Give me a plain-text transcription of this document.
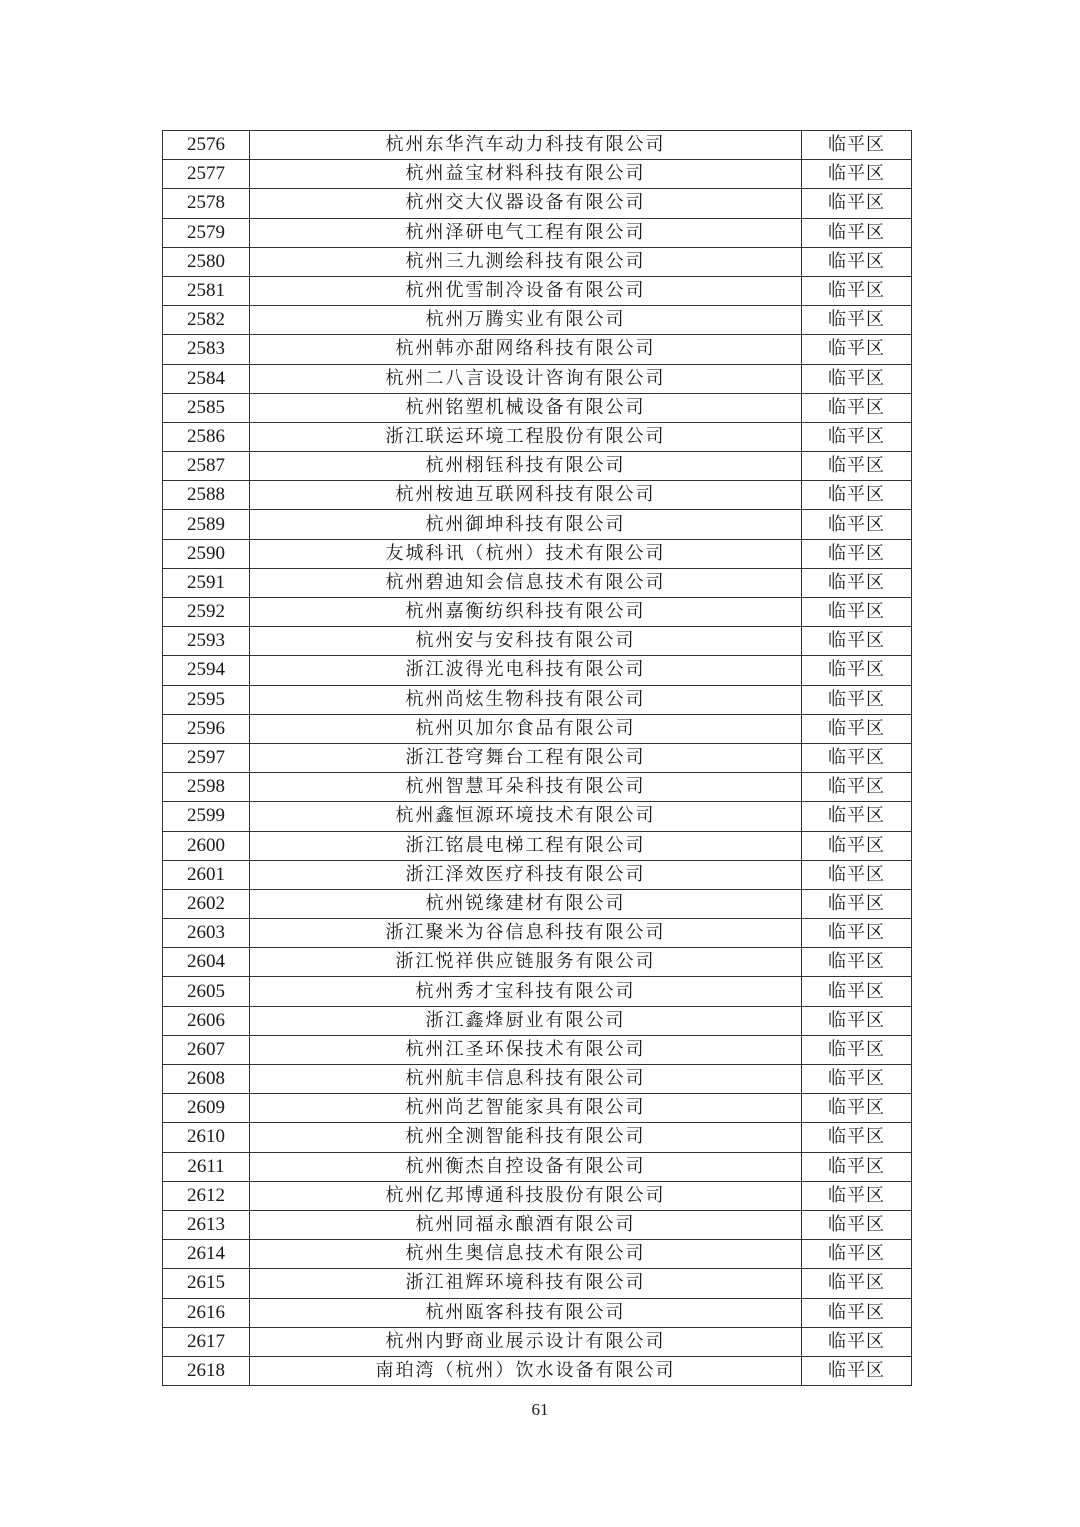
2576	杭州东华汽车动力科技有限公司	临平区
2577	杭州益宝材料科技有限公司	临平区
2578	杭州交大仪器设备有限公司	临平区
2579	杭州泽研电气工程有限公司	临平区
2580	杭州三九测绘科技有限公司	临平区
2581	杭州优雪制冷设备有限公司	临平区
2582	杭州万腾实业有限公司	临平区
2583	杭州韩亦甜网络科技有限公司	临平区
2584	杭州二八言设设计咨询有限公司	临平区
2585	杭州铭塑机械设备有限公司	临平区
2586	浙江联运环境工程股份有限公司	临平区
2587	杭州栩钰科技有限公司	临平区
2588	杭州桉迪互联网科技有限公司	临平区
2589	杭州御坤科技有限公司	临平区
2590	友城科讯（杭州）技术有限公司	临平区
2591	杭州碧迪知会信息技术有限公司	临平区
2592	杭州嘉衡纺织科技有限公司	临平区
2593	杭州安与安科技有限公司	临平区
2594	浙江波得光电科技有限公司	临平区
2595	杭州尚炫生物科技有限公司	临平区
2596	杭州贝加尔食品有限公司	临平区
2597	浙江苍穹舞台工程有限公司	临平区
2598	杭州智慧耳朵科技有限公司	临平区
2599	杭州鑫恒源环境技术有限公司	临平区
2600	浙江铭晨电梯工程有限公司	临平区
2601	浙江泽效医疗科技有限公司	临平区
2602	杭州锐缘建材有限公司	临平区
2603	浙江聚米为谷信息科技有限公司	临平区
2604	浙江悦祥供应链服务有限公司	临平区
2605	杭州秀才宝科技有限公司	临平区
2606	浙江鑫烽厨业有限公司	临平区
2607	杭州江圣环保技术有限公司	临平区
2608	杭州航丰信息科技有限公司	临平区
2609	杭州尚艺智能家具有限公司	临平区
2610	杭州全测智能科技有限公司	临平区
2611	杭州衡杰自控设备有限公司	临平区
2612	杭州亿邦博通科技股份有限公司	临平区
2613	杭州同福永酿酒有限公司	临平区
2614	杭州生奥信息技术有限公司	临平区
2615	浙江祖辉环境科技有限公司	临平区
2616	杭州瓯客科技有限公司	临平区
2617	杭州内野商业展示设计有限公司	临平区
2618	南珀湾（杭州）饮水设备有限公司	临平区
61
